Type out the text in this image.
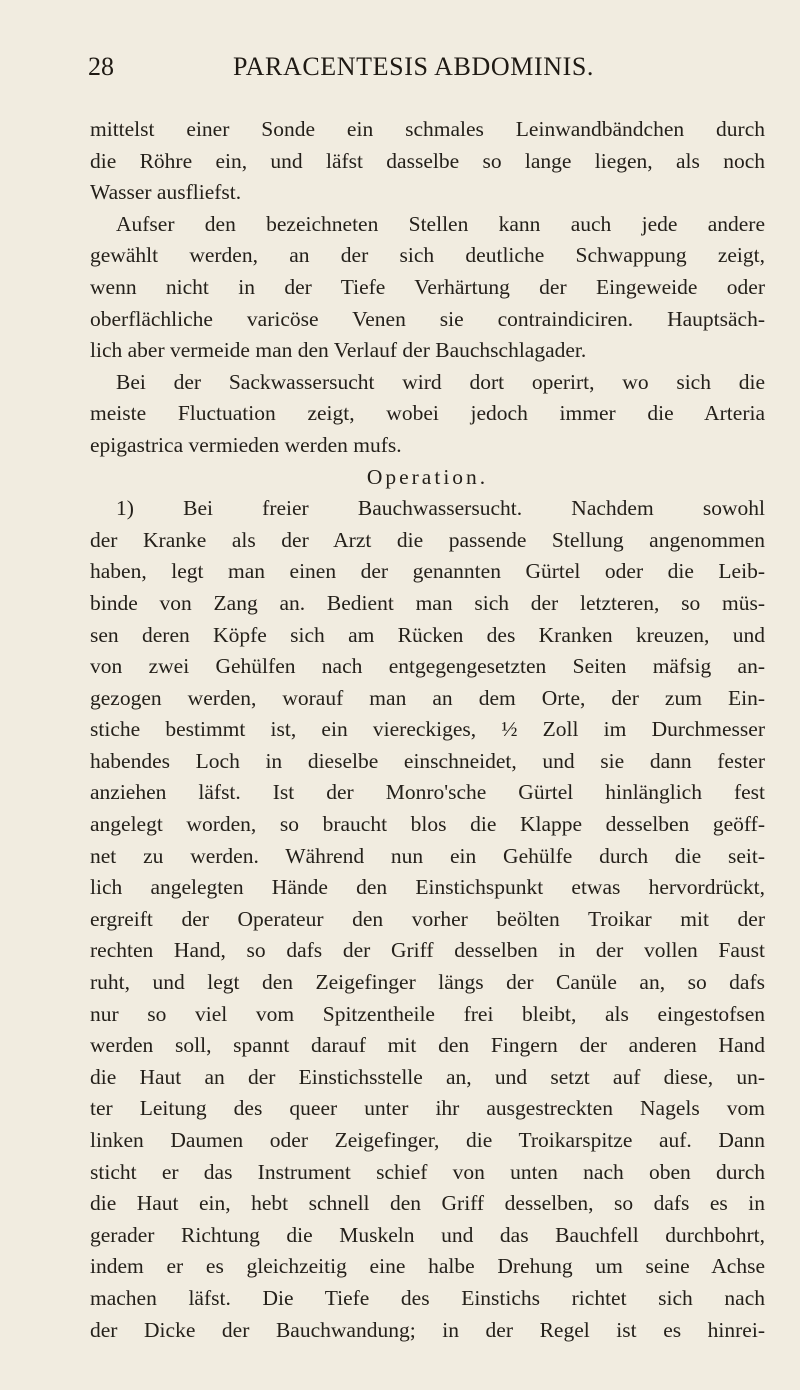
28	PARACENTESIS ABDOMINIS.
mittelst einer Sonde ein schmales Leinwandbändchen durch
die Röhre ein, und läfst dasselbe so lange liegen, als noch
Wasser ausfliefst.
Aufser den bezeichneten Stellen kann auch jede andere
gewählt werden, an der sich deutliche Schwappung zeigt,
wenn nicht in der Tiefe Verhärtung der Eingeweide oder
oberflächliche varicöse Venen sie contraindiciren. Hauptsäch-
lich aber vermeide man den Verlauf der Bauchschlagader.
Bei der Sackwassersucht wird dort operirt, wo sich die
meiste Fluctuation zeigt, wobei jedoch immer die Arteria
epigastrica vermieden werden mufs.
Operation.
1) Bei freier Bauchwassersucht. Nachdem sowohl
der Kranke als der Arzt die passende Stellung angenommen
haben, legt man einen der genannten Gürtel oder die Leib-
binde von Zang an. Bedient man sich der letzteren, so müs-
sen deren Köpfe sich am Rücken des Kranken kreuzen, und
von zwei Gehülfen nach entgegengesetzten Seiten mäfsig an-
gezogen werden, worauf man an dem Orte, der zum Ein-
stiche bestimmt ist, ein viereckiges, ½ Zoll im Durchmesser
habendes Loch in dieselbe einschneidet, und sie dann fester
anziehen läfst. Ist der Monro'sche Gürtel hinlänglich fest
angelegt worden, so braucht blos die Klappe desselben geöff-
net zu werden. Während nun ein Gehülfe durch die seit-
lich angelegten Hände den Einstichspunkt etwas hervordrückt,
ergreift der Operateur den vorher beölten Troikar mit der
rechten Hand, so dafs der Griff desselben in der vollen Faust
ruht, und legt den Zeigefinger längs der Canüle an, so dafs
nur so viel vom Spitzentheile frei bleibt, als eingestofsen
werden soll, spannt darauf mit den Fingern der anderen Hand
die Haut an der Einstichsstelle an, und setzt auf diese, un-
ter Leitung des queer unter ihr ausgestreckten Nagels vom
linken Daumen oder Zeigefinger, die Troikarspitze auf. Dann
sticht er das Instrument schief von unten nach oben durch
die Haut ein, hebt schnell den Griff desselben, so dafs es in
gerader Richtung die Muskeln und das Bauchfell durchbohrt,
indem er es gleichzeitig eine halbe Drehung um seine Achse
machen läfst. Die Tiefe des Einstichs richtet sich nach
der Dicke der Bauchwandung; in der Regel ist es hinrei-
